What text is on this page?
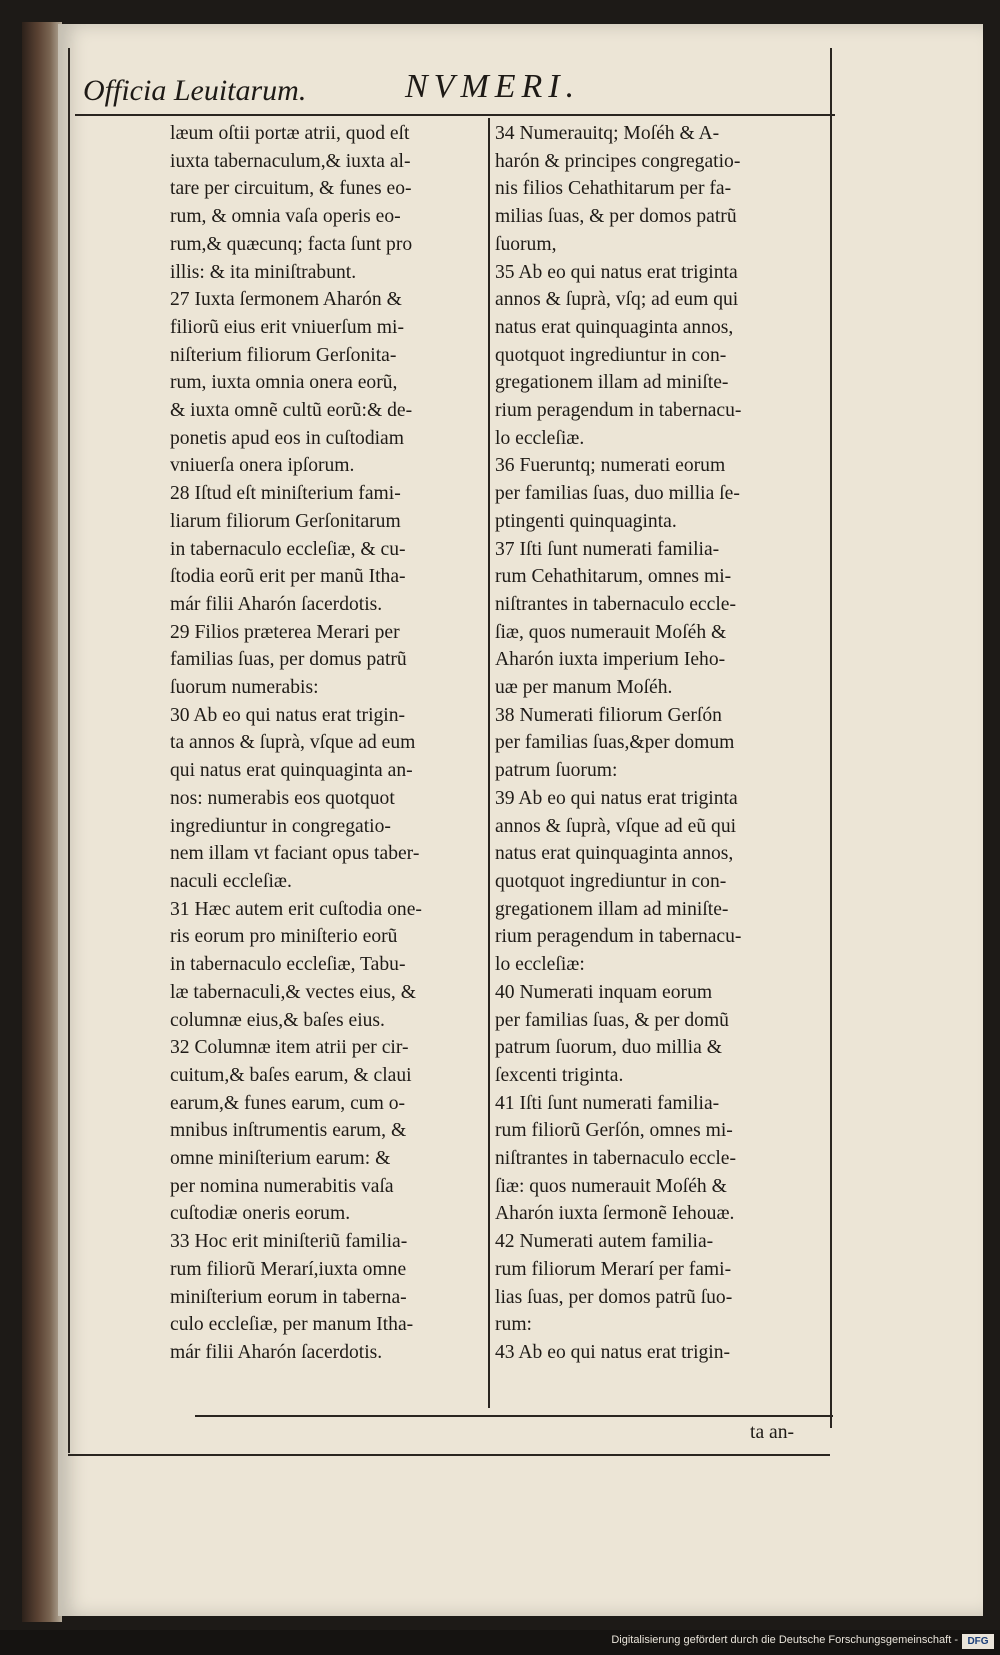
Officia Leuitarum.	NVMERI.
læum oſtii portæ atrii, quod eſt
iuxta tabernaculum,& iuxta al-
tare per circuitum, & funes eo-
rum, & omnia vaſa operis eo-
rum,& quæcunq; facta ſunt pro
illis: & ita miniſtrabunt.
27 Iuxta ſermonem Aharón &
filiorũ eius erit vniuerſum mi-
niſterium filiorum Gerſonita-
rum, iuxta omnia onera eorũ,
& iuxta omnẽ cultũ eorũ:& de-
ponetis apud eos in cuſtodiam
vniuerſa onera ipſorum.
28 Iſtud eſt miniſterium fami-
liarum filiorum Gerſonitarum
in tabernaculo eccleſiæ, & cu-
ſtodia eorũ erit per manũ Itha-
már filii Aharón ſacerdotis.
29 Filios præterea Merari per
familias ſuas, per domus patrũ
ſuorum numerabis:
30 Ab eo qui natus erat trigin-
ta annos & ſuprà, vſque ad eum
qui natus erat quinquaginta an-
nos: numerabis eos quotquot
ingrediuntur in congregatio-
nem illam vt faciant opus taber-
naculi eccleſiæ.
31 Hæc autem erit cuſtodia one-
ris eorum pro miniſterio eorũ
in tabernaculo eccleſiæ, Tabu-
læ tabernaculi,& vectes eius, &
columnæ eius,& baſes eius.
32 Columnæ item atrii per cir-
cuitum,& baſes earum, & claui
earum,& funes earum, cum o-
mnibus inſtrumentis earum, &
omne miniſterium earum: &
per nomina numerabitis vaſa
cuſtodiæ oneris eorum.
33 Hoc erit miniſteriũ familia-
rum filiorũ Merarí,iuxta omne
miniſterium eorum in taberna-
culo eccleſiæ, per manum Itha-
már filii Aharón ſacerdotis.
34 Numerauitq; Moſéh & A-
harón & principes congregatio-
nis filios Cehathitarum per fa-
milias ſuas, & per domos patrũ
ſuorum,
35 Ab eo qui natus erat triginta
annos & ſuprà, vſq; ad eum qui
natus erat quinquaginta annos,
quotquot ingrediuntur in con-
gregationem illam ad miniſte-
rium peragendum in tabernacu-
lo eccleſiæ.
36 Fueruntq; numerati eorum
per familias ſuas, duo millia ſe-
ptingenti quinquaginta.
37 Iſti ſunt numerati familia-
rum Cehathitarum, omnes mi-
niſtrantes in tabernaculo eccle-
ſiæ, quos numerauit Moſéh &
Aharón iuxta imperium Ieho-
uæ per manum Moſéh.
38 Numerati filiorum Gerſón
per familias ſuas,&per domum
patrum ſuorum:
39 Ab eo qui natus erat triginta
annos & ſuprà, vſque ad eũ qui
natus erat quinquaginta annos,
quotquot ingrediuntur in con-
gregationem illam ad miniſte-
rium peragendum in tabernacu-
lo eccleſiæ:
40 Numerati inquam eorum
per familias ſuas, & per domũ
patrum ſuorum, duo millia &
ſexcenti triginta.
41 Iſti ſunt numerati familia-
rum filiorũ Gerſón, omnes mi-
niſtrantes in tabernaculo eccle-
ſiæ: quos numerauit Moſéh &
Aharón iuxta ſermonẽ Iehouæ.
42 Numerati autem familia-
rum filiorum Merarí per fami-
lias ſuas, per domos patrũ ſuo-
rum:
43 Ab eo qui natus erat trigin-
ta an-
Digitalisierung gefördert durch die Deutsche Forschungsgemeinschaft - DFG
